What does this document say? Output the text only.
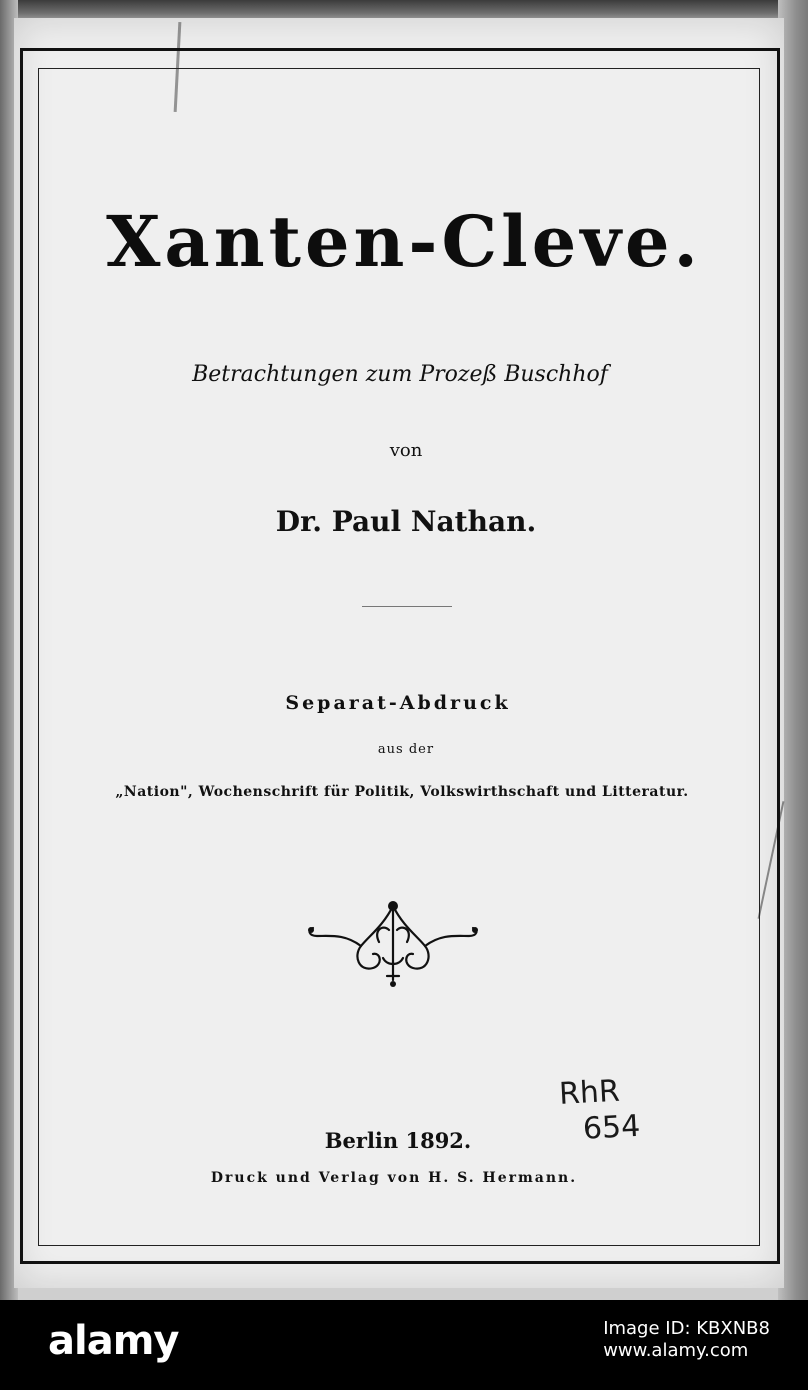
Xanten-Cleve.
Betrachtungen zum Prozeß Buschhof
von
Dr. Paul Nathan.
Separat-Abdruck
aus der
„Nation", Wochenschrift für Politik, Volkswirthschaft und Litteratur.
RhR
654
Berlin 1892.
Druck und Verlag von H. S. Hermann.
alamy	Image ID: KBXNB8
www.alamy.com
